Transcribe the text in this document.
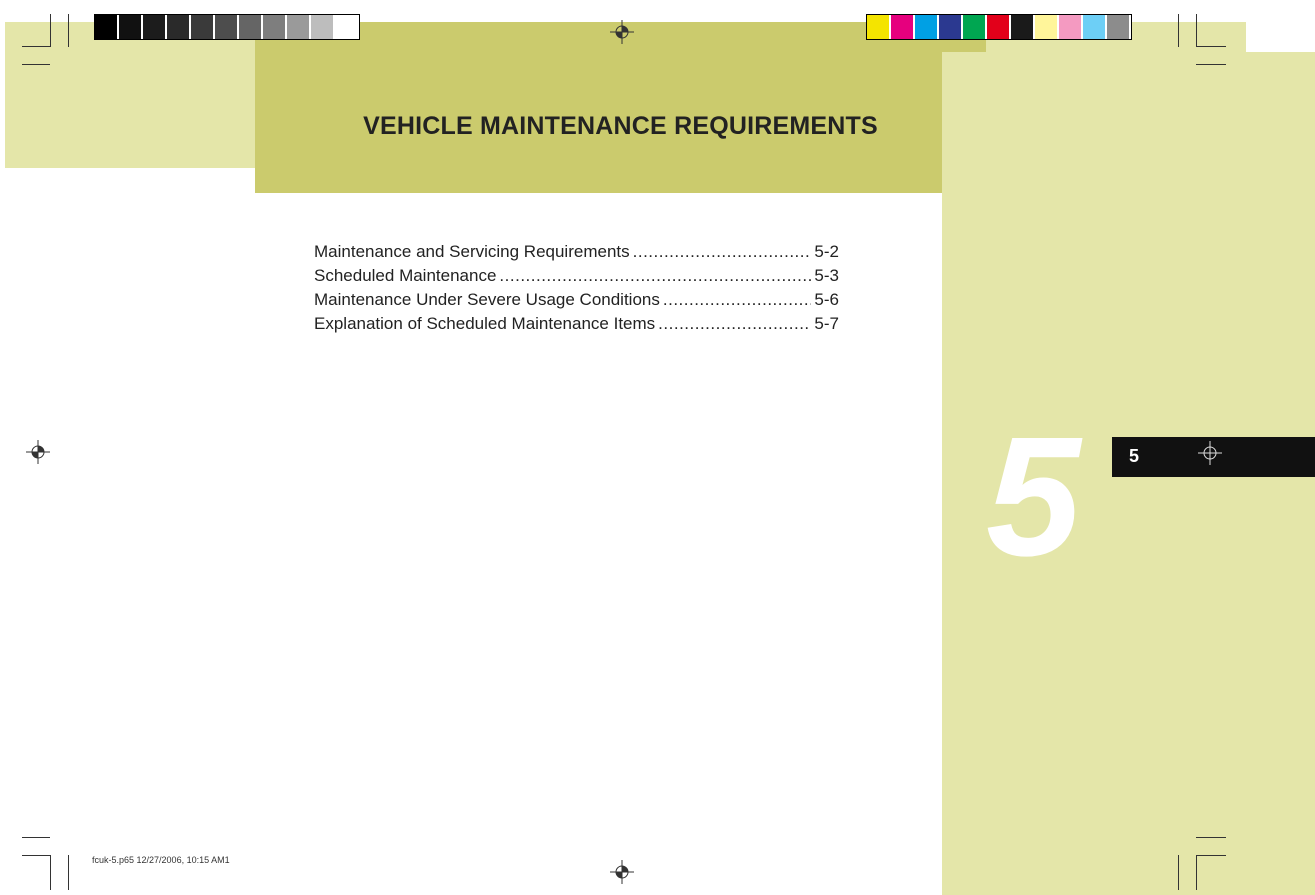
VEHICLE MAINTENANCE REQUIREMENTS
Maintenance and Servicing Requirements .....	5-2
Scheduled Maintenance .....	5-3
Maintenance Under Severe Usage Conditions .....	5-6
Explanation of Scheduled Maintenance Items .....	5-7
5	5
fcuk-5.p65 12/27/2006, 10:15 AM1
